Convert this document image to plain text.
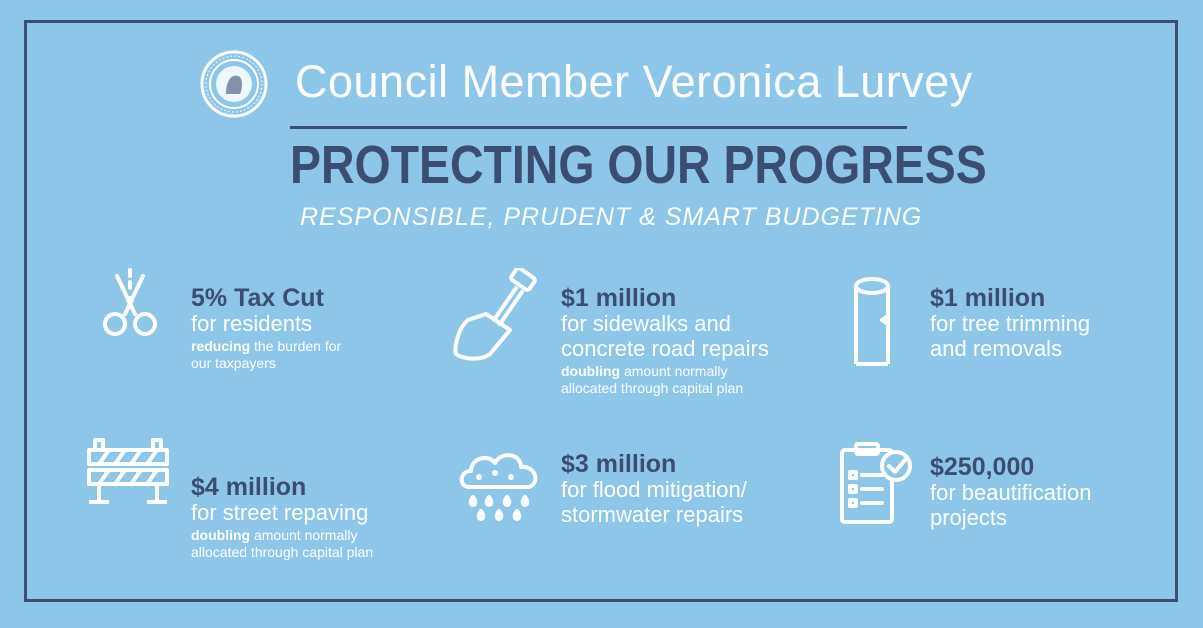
Council Member Veronica Lurvey
PROTECTING OUR PROGRESS
RESPONSIBLE, PRUDENT & SMART BUDGETING
5% Tax Cut
for residents
reducing the burden for
our taxpayers
$1 million
for sidewalks and
concrete road repairs
doubling amount normally
allocated through capital plan
$1 million
for tree trimming
and removals
$4 million
for street repaving
doubling amount normally
allocated through capital plan
$3 million
for flood mitigation/
stormwater repairs
$250,000
for beautification
projects
